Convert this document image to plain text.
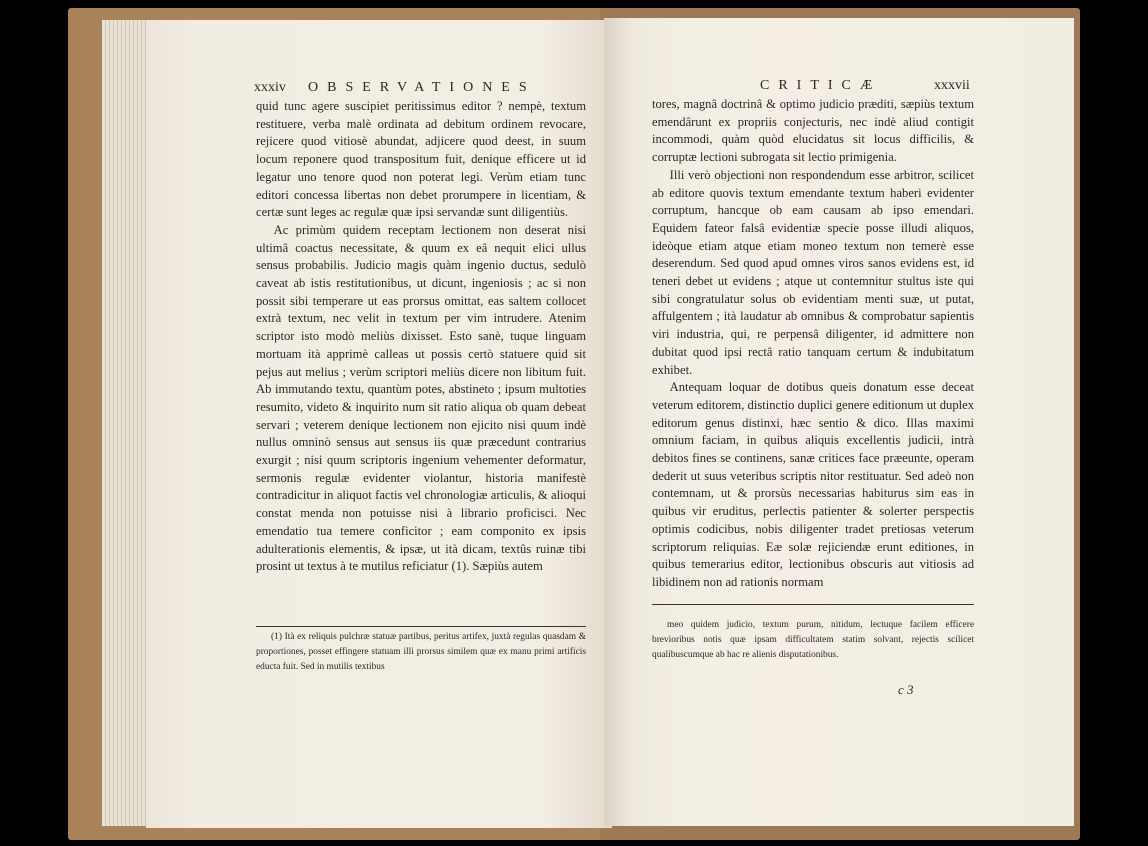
xxxiv OBSERVATIONES

quid tunc agere suscipiet peritissimus editor ? nempè, textum restituere, verba malè ordinata ad debitum ordinem revocare, rejicere quod vitiosè abundat, adjicere quod deest, in suum locum reponere quod transpositum fuit, denique efficere ut id legatur uno tenore quod non poterat legi. Verùm etiam tunc editori concessa libertas non debet prorumpere in licentiam, & certæ sunt leges ac regulæ quæ ipsi servandæ sunt diligentiùs.

Ac primùm quidem receptam lectionem non deserat nisi ultimâ coactus necessitate, & quum ex eâ nequit elici ullus sensus probabilis. Judicio magis quàm ingenio ductus, sedulò caveat ab istis restitutionibus, ut dicunt, ingeniosis ; ac si non possit sibi temperare ut eas prorsus omittat, eas saltem collocet extrà textum, nec velit in textum per vim intrudere. Atenim scriptor isto modò meliùs dixisset. Esto sanè, tuque linguam mortuam ità apprimè calleas ut possis certò statuere quid sit pejus aut melius ; verùm scriptori meliùs dicere non libitum fuit. Ab immutando textu, quantùm potes, abstineto ; ipsum multoties resumito, videto & inquirito num sit ratio aliqua ob quam debeat servari ; veterem denique lectionem non ejicito nisi quum indè nullus omninò sensus aut sensus iis quæ præcedunt contrarius exurgit ; nisi quum scriptoris ingenium vehementer deformatur, sermonis regulæ evidenter violantur, historia manifestè contradicitur in aliquot factis vel chronologiæ articulis, & alioqui constat menda non potuisse nisi à librario proficisci. Nec emendatio tua temere conficitor ; eam componito ex ipsis adulterationis elementis, & ipsæ, ut ità dicam, textûs ruinæ tibi prosint ut textus à te mutilus reficiatur (1). Sæpiùs autem

(1) Ità ex reliquis pulchræ statuæ partibus, peritus artifex, juxtà regulas quasdam & proportiones, posset effingere statuam illi prorsus similem quæ ex manu primi artificis educta fuit. Sed in mutilis textibus

CRITICÆ	xxxvii

tores, magnâ doctrinâ & optimo judicio præditi, sæpiùs textum emendârunt ex propriis conjecturis, nec indè aliud contigit incommodi, quàm quòd elucidatus sit locus difficilis, & corruptæ lectioni subrogata sit lectio primigenia.

Illi verò objectioni non respondendum esse arbitror, scilicet ab editore quovis textum emendante textum haberi evidenter corruptum, hancque ob eam causam ab ipso emendari. Equidem fateor falsâ evidentiæ specie posse illudi aliquos, ideòque etiam atque etiam moneo textum non temerè esse deserendum. Sed quod apud omnes viros sanos evidens est, id teneri debet ut evidens ; atque ut contemnitur stultus iste qui sibi congratulatur solus ob evidentiam menti suæ, ut putat, affulgentem ; ità laudatur ab omnibus & comprobatur sapientis viri industria, qui, re perpensâ diligenter, id admittere non dubitat quod ipsi rectâ ratio tanquam certum & indubitatum exhibet.

Antequam loquar de dotibus queis donatum esse deceat veterum editorem, distinctio duplici genere editionum ut duplex editorum genus distinxi, hæc sentio & dico. Illas maximi omnium faciam, in quibus aliquis excellentis judicii, intrà debitos fines se continens, sanæ critices face præeunte, operam dederit ut suus veteribus scriptis nitor restituatur. Sed adeò non contemnam, ut & prorsùs necessarias habiturus sim eas in quibus vir eruditus, perlectis patienter & solerter perspectis optimis codicibus, nobis diligenter tradet pretiosas veterum scriptorum reliquias. Eæ solæ rejiciendæ erunt editiones, in quibus temerarius editor, lectionibus obscuris aut vitiosis ad libidinem non ad rationis normam

meo quidem judicio, textum purum, nitidum, lectuque facilem efficere brevioribus notis quæ ipsam difficultatem statim solvant, rejectis scilicet qualibuscumque ab hac re alienis disputationibus.

c 3
